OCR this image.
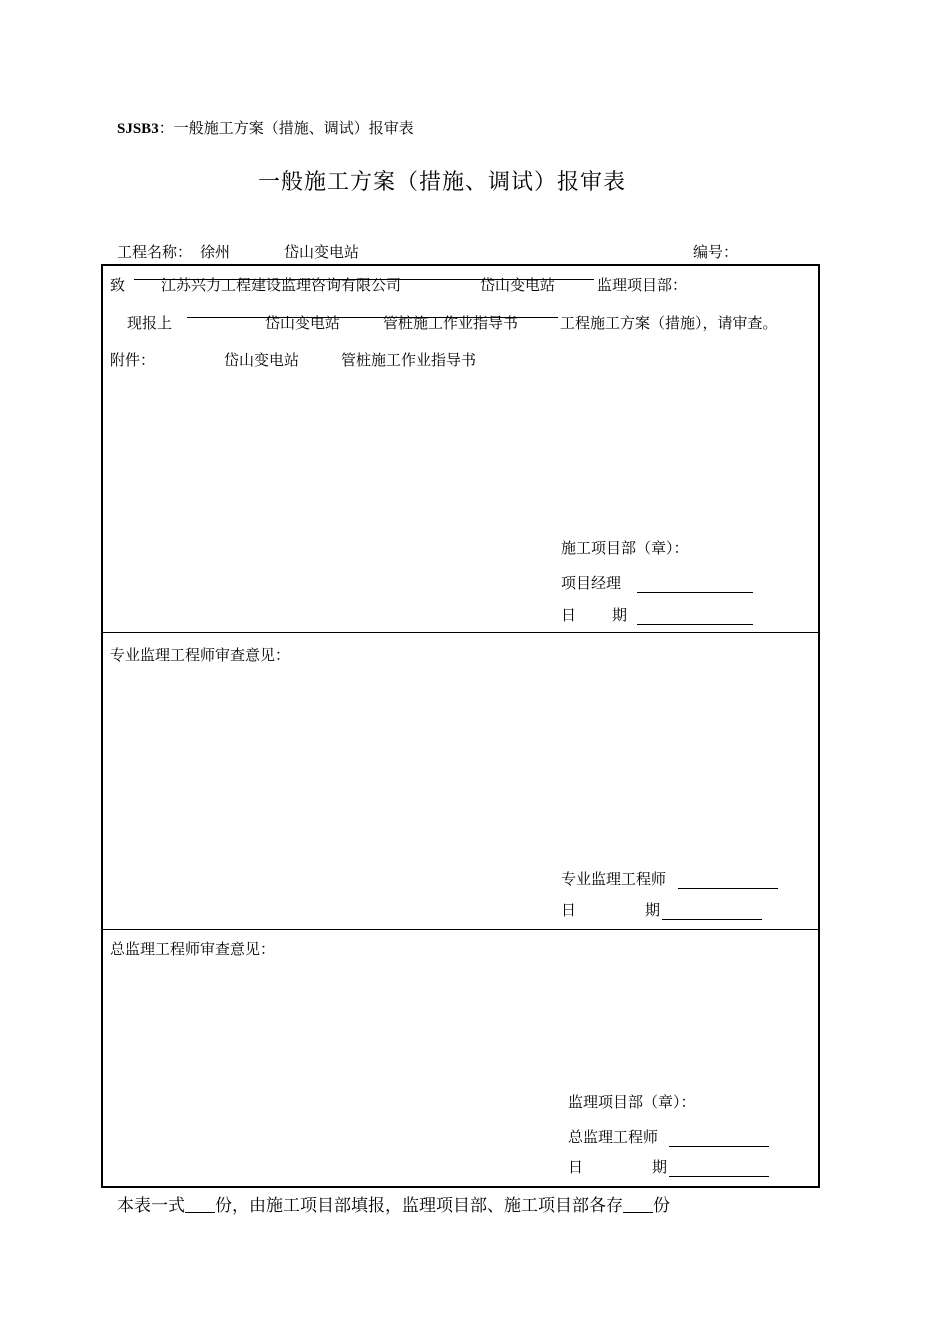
SJSB3：一般施工方案（措施、调试）报审表
一般施工方案（措施、调试）报审表
工程名称： 徐州	岱山变电站	编号：
致 江苏兴力工程建设监理咨询有限公司	岱山变电站	监理项目部：
现报上	岱山变电站	管桩施工作业指导书	工程施工方案（措施），请审查。
附件：	岱山变电站	管桩施工作业指导书
施工项目部（章）：
项目经理
日 期
专业监理工程师审查意见：
专业监理工程师
日	期
总监理工程师审查意见：
监理项目部（章）：
总监理工程师
日	期
本表一式 份，由施工项目部填报，监理项目部、施工项目部各存 份
